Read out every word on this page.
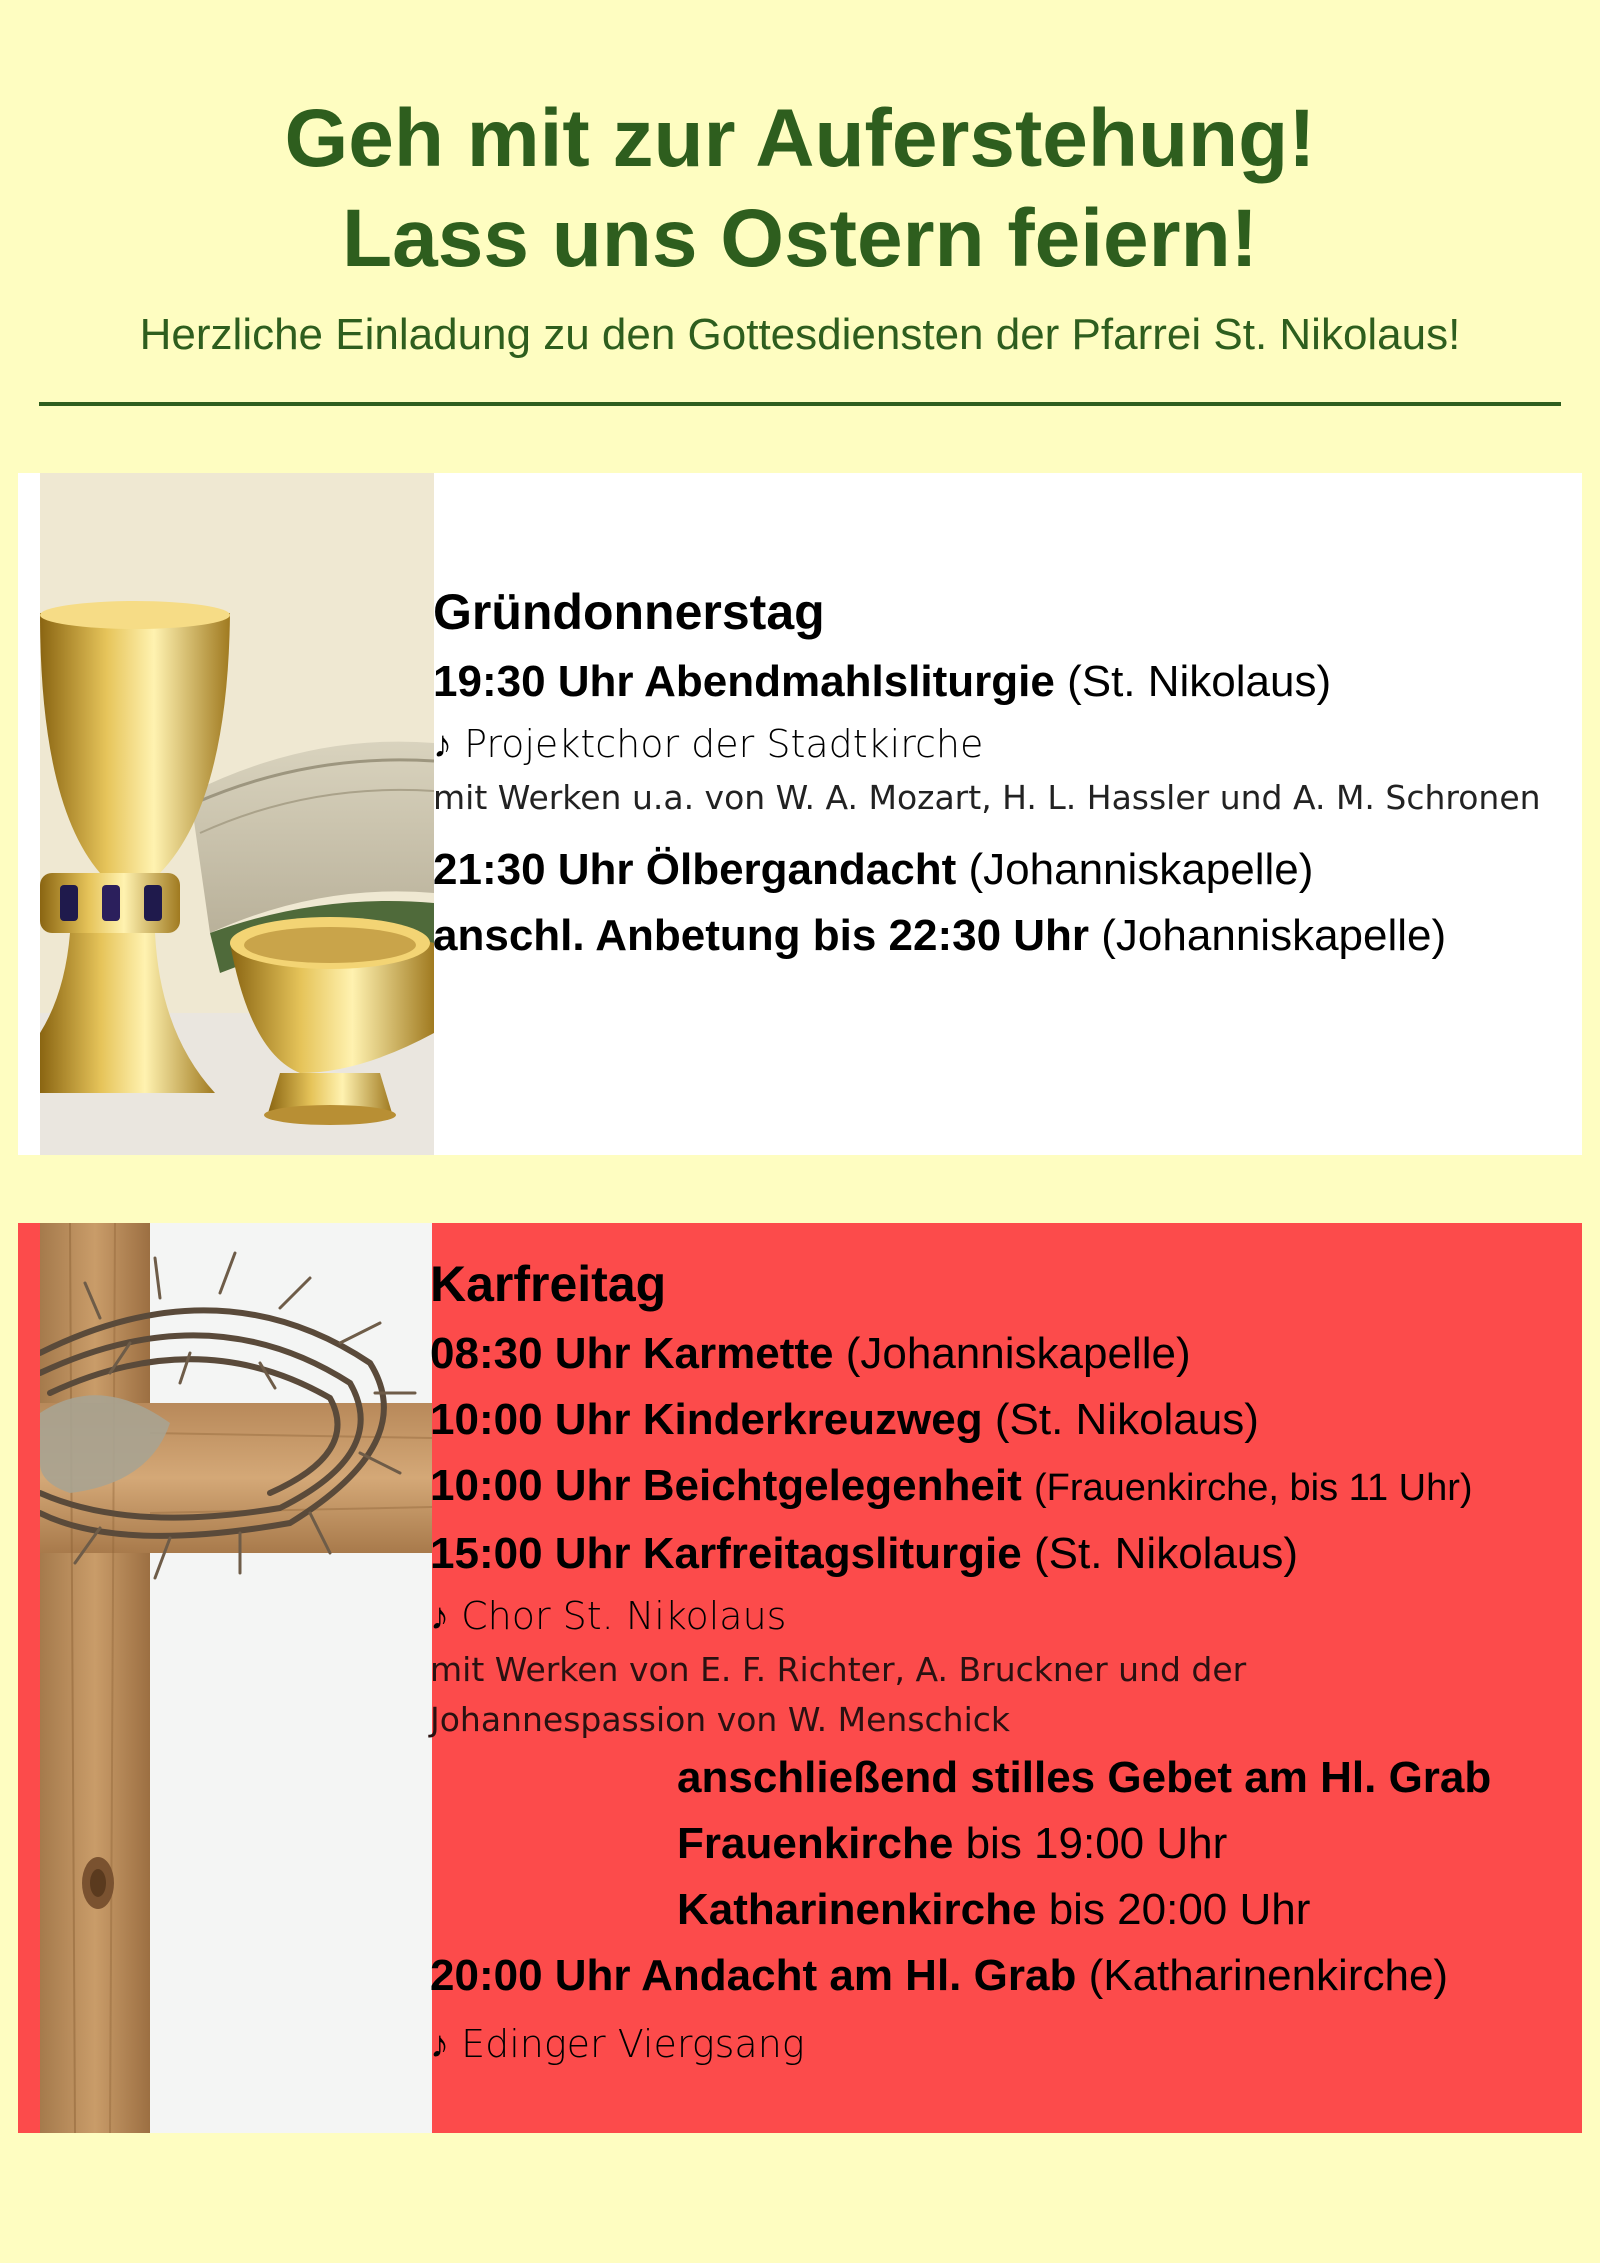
Geh mit zur Auferstehung!
Lass uns Ostern feiern!
Herzliche Einladung zu den Gottesdiensten der Pfarrei St. Nikolaus!
Gründonnerstag
19:30 Uhr Abendmahlsliturgie (St. Nikolaus)
♪ Projektchor der Stadtkirche
mit Werken u.a. von W. A. Mozart, H. L. Hassler und A. M. Schronen
21:30 Uhr Ölbergandacht (Johanniskapelle)
anschl. Anbetung bis 22:30 Uhr (Johanniskapelle)
Karfreitag
08:30 Uhr Karmette (Johanniskapelle)
10:00 Uhr Kinderkreuzweg (St. Nikolaus)
10:00 Uhr Beichtgelegenheit (Frauenkirche, bis 11 Uhr)
15:00 Uhr Karfreitagsliturgie (St. Nikolaus)
♪ Chor St. Nikolaus
mit Werken von E. F. Richter, A. Bruckner und der
Johannespassion von W. Menschick
anschließend stilles Gebet am Hl. Grab
Frauenkirche bis 19:00 Uhr
Katharinenkirche bis 20:00 Uhr
20:00 Uhr Andacht am Hl. Grab (Katharinenkirche)
♪ Edinger Viergsang
